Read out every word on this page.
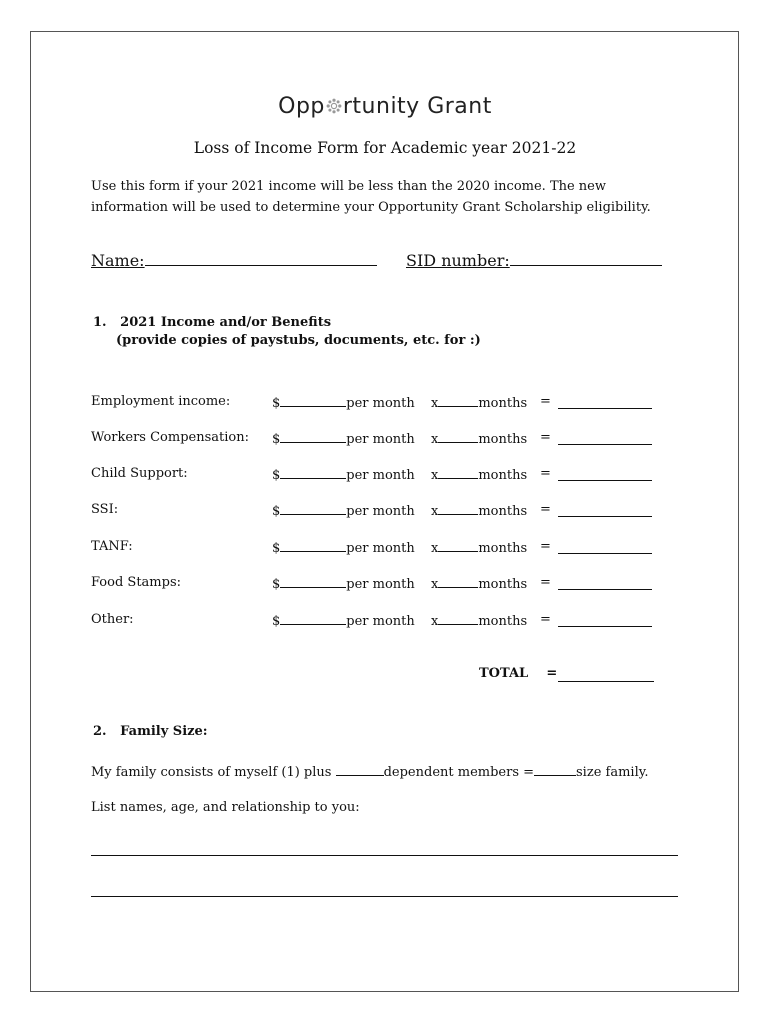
Opp rtunity Grant
Loss of Income Form for Academic year 2021-22
Use this form if your 2021 income will be less than the 2020 income. The new information will be used to determine your Opportunity Grant Scholarship eligibility.
Name:	SID number:
1. 2021 Income and/or Benefits
(provide copies of paystubs, documents, etc. for :)
Employment income:	$	per month x	months =
Workers Compensation: $	per month x	months =
Child Support:	$	per month x	months =
SSI:	$	per month x	months =
TANF:	$	per month x	months =
Food Stamps:	$	per month x	months =
Other:	$	per month x	months =
TOTAL =
2. Family Size:
My family consists of myself (1) plus	dependent members =	size family.
List names, age, and relationship to you:
